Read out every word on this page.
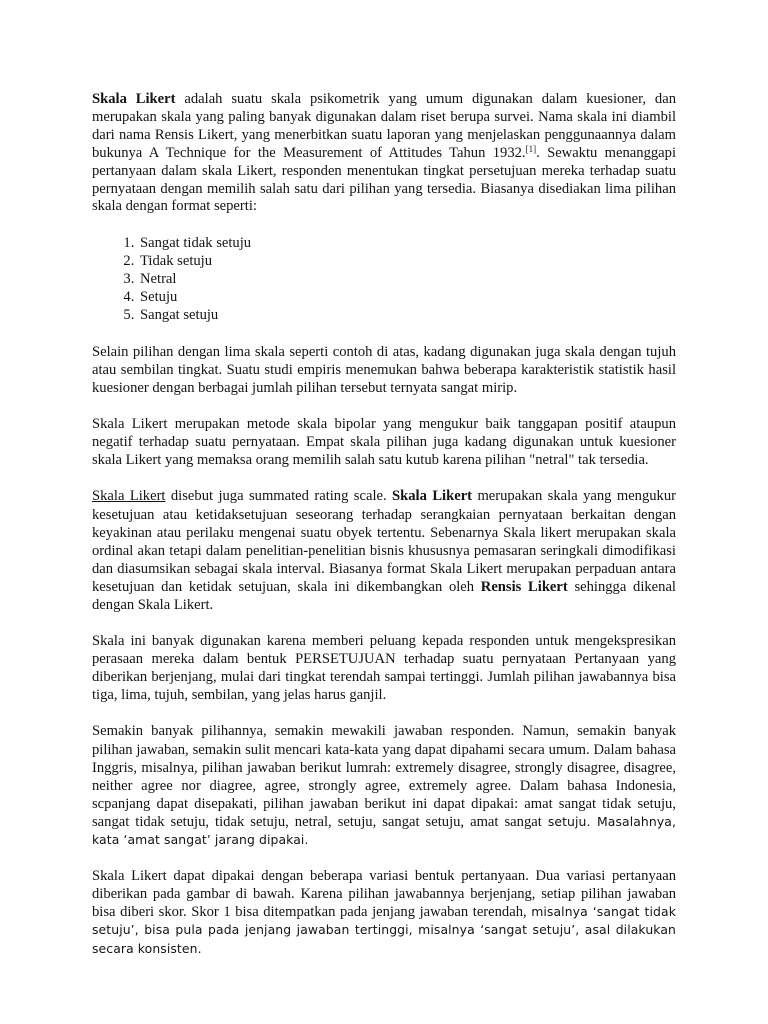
Skala Likert adalah suatu skala psikometrik yang umum digunakan dalam kuesioner, dan merupakan skala yang paling banyak digunakan dalam riset berupa survei. Nama skala ini diambil dari nama Rensis Likert, yang menerbitkan suatu laporan yang menjelaskan penggunaannya dalam bukunya A Technique for the Measurement of Attitudes Tahun 1932.[1]. Sewaktu menanggapi pertanyaan dalam skala Likert, responden menentukan tingkat persetujuan mereka terhadap suatu pernyataan dengan memilih salah satu dari pilihan yang tersedia. Biasanya disediakan lima pilihan skala dengan format seperti:

1. Sangat tidak setuju
2. Tidak setuju
3. Netral
4. Setuju
5. Sangat setuju

Selain pilihan dengan lima skala seperti contoh di atas, kadang digunakan juga skala dengan tujuh atau sembilan tingkat. Suatu studi empiris menemukan bahwa beberapa karakteristik statistik hasil kuesioner dengan berbagai jumlah pilihan tersebut ternyata sangat mirip.

Skala Likert merupakan metode skala bipolar yang mengukur baik tanggapan positif ataupun negatif terhadap suatu pernyataan. Empat skala pilihan juga kadang digunakan untuk kuesioner skala Likert yang memaksa orang memilih salah satu kutub karena pilihan "netral" tak tersedia.

Skala Likert disebut juga summated rating scale. Skala Likert merupakan skala yang mengukur kesetujuan atau ketidaksetujuan seseorang terhadap serangkaian pernyataan berkaitan dengan keyakinan atau perilaku mengenai suatu obyek tertentu. Sebenarnya Skala likert merupakan skala ordinal akan tetapi dalam penelitian-penelitian bisnis khususnya pemasaran seringkali dimodifikasi dan diasumsikan sebagai skala interval. Biasanya format Skala Likert merupakan perpaduan antara kesetujuan dan ketidak setujuan, skala ini dikembangkan oleh Rensis Likert sehingga dikenal dengan Skala Likert.

Skala ini banyak digunakan karena memberi peluang kepada responden untuk mengekspresikan perasaan mereka dalam bentuk PERSETUJUAN terhadap suatu pernyataan Pertanyaan yang diberikan berjenjang, mulai dari tingkat terendah sampai tertinggi. Jumlah pilihan jawabannya bisa tiga, lima, tujuh, sembilan, yang jelas harus ganjil.

Semakin banyak pilihannya, semakin mewakili jawaban responden. Namun, semakin banyak pilihan jawaban, semakin sulit mencari kata-kata yang dapat dipahami secara umum. Dalam bahasa Inggris, misalnya, pilihan jawaban berikut lumrah: extremely disagree, strongly disagree, disagree, neither agree nor diagree, agree, strongly agree, extremely agree. Dalam bahasa Indonesia, scpanjang dapat disepakati, pilihan jawaban berikut ini dapat dipakai: amat sangat tidak setuju, sangat tidak setuju, tidak setuju, netral, setuju, sangat setuju, amat sangat setuju. Masalahnya, kata ‘amat sangat’ jarang dipakai.

Skala Likert dapat dipakai dengan beberapa variasi bentuk pertanyaan. Dua variasi pertanyaan diberikan pada gambar di bawah. Karena pilihan jawabannya berjenjang, setiap pilihan jawaban bisa diberi skor. Skor 1 bisa ditempatkan pada jenjang jawaban terendah, misalnya ‘sangat tidak setuju’, bisa pula pada jenjang jawaban tertinggi, misalnya ‘sangat setuju’, asal dilakukan secara konsisten.
